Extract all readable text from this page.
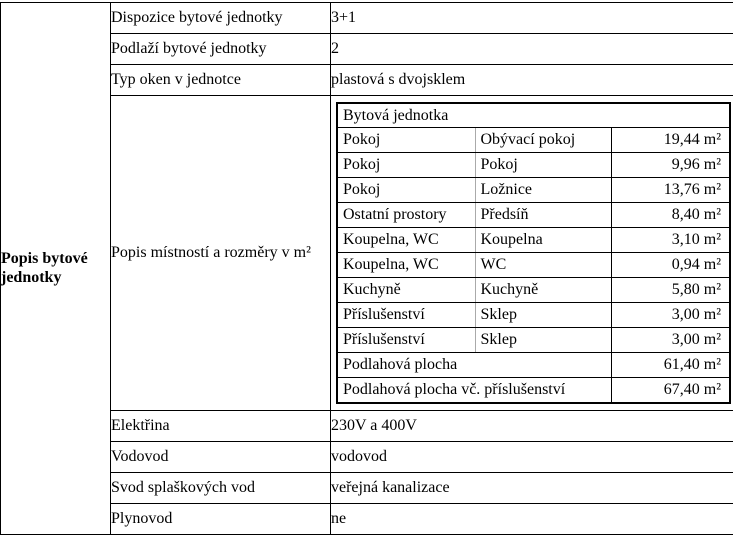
Popis bytové jednotky	Dispozice bytové jednotky	3+1
Podlaží bytové jednotky	2
Typ oken v jednotce	plastová s dvojsklem
Popis místností a rozměry v m²	
Bytová jednotka
Pokoj	Obývací pokoj	19,44 m²
Pokoj	Pokoj	9,96 m²
Pokoj	Ložnice	13,76 m²
Ostatní prostory	Předsíň	8,40 m²
Koupelna, WC	Koupelna	3,10 m²
Koupelna, WC	WC	0,94 m²
Kuchyně	Kuchyně	5,80 m²
Příslušenství	Sklep	3,00 m²
Příslušenství	Sklep	3,00 m²
Podlahová plocha	61,40 m²
Podlahová plocha vč. příslušenství	67,40 m²

Elektřina	230V a 400V
Vodovod	vodovod
Svod splaškových vod	veřejná kanalizace
Plynovod	ne
